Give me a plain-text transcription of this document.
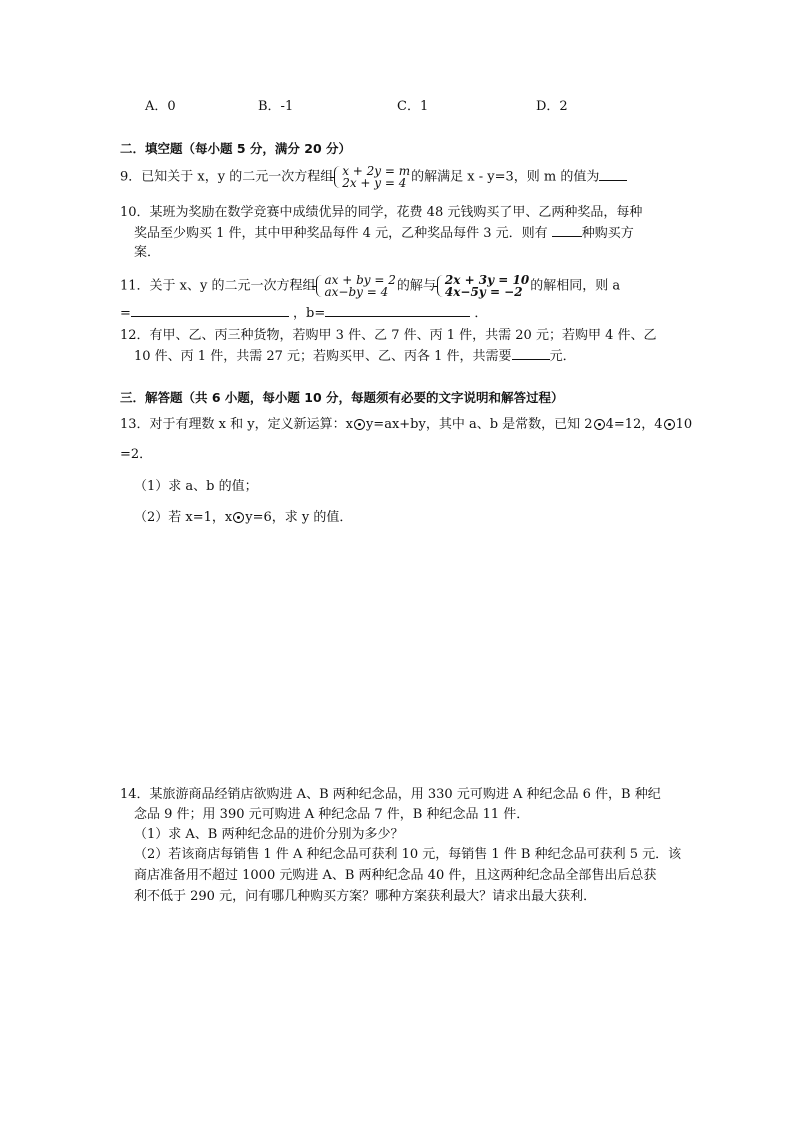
A．0	B．-1	C．1	D．2
二．填空题（每小题 5 分，满分 20 分）
9．已知关于 x，y 的二元一次方程组 x + 2y = m
2x + y = 4 的解满足 x - y=3，则 m 的值为
10．某班为奖励在数学竞赛中成绩优异的同学，花费 48 元钱购买了甲、乙两种奖品，每种
奖品至少购买 1 件，其中甲种奖品每件 4 元，乙种奖品每件 3 元．则有	种购买方
案．
11．关于 x、y 的二元一次方程组 ax + by = 2
ax−by = 4 的解与 2x + 3y = 10
4x−5y = −2 的解相同，则 a
=	，b=	．
12．有甲、乙、丙三种货物，若购甲 3 件、乙 7 件、丙 1 件，共需 20 元；若购甲 4 件、乙
10 件、丙 1 件，共需 27 元；若购买甲、乙、丙各 1 件，共需要	元．
三．解答题（共 6 小题，每小题 10 分，每题须有必要的文字说明和解答过程）
13．对于有理数 x 和 y，定义新运算：x y=ax+by，其中 a、b 是常数，已知 2 4=12，4 10
=2．
（1）求 a、b 的值；
（2）若 x=1，x y=6，求 y 的值．
14．某旅游商品经销店欲购进 A、B 两种纪念品，用 330 元可购进 A 种纪念品 6 件，B 种纪
念品 9 件；用 390 元可购进 A 种纪念品 7 件，B 种纪念品 11 件．
（1）求 A、B 两种纪念品的进价分别为多少？
（2）若该商店每销售 1 件 A 种纪念品可获利 10 元，每销售 1 件 B 种纪念品可获利 5 元．该
商店准备用不超过 1000 元购进 A、B 两种纪念品 40 件，且这两种纪念品全部售出后总获
利不低于 290 元，问有哪几种购买方案？哪种方案获利最大？请求出最大获利．
